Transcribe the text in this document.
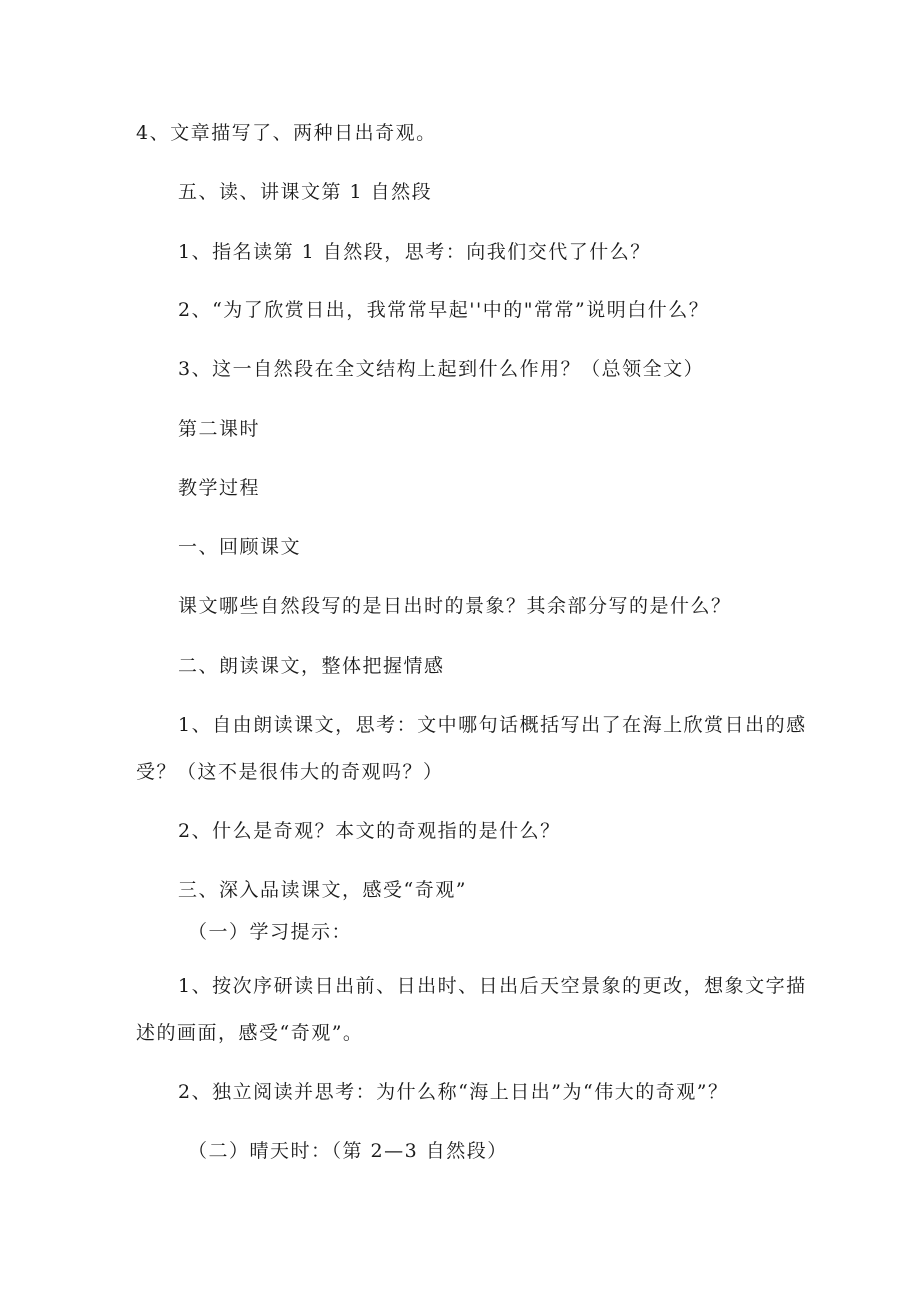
4、文章描写了、两种日出奇观。
五、读、讲课文第 1 自然段
1、指名读第 1 自然段，思考：向我们交代了什么？
2、“为了欣赏日出，我常常早起''中的"常常”说明白什么？
3、这一自然段在全文结构上起到什么作用？（总领全文）
第二课时
教学过程
一、回顾课文
课文哪些自然段写的是日出时的景象？其余部分写的是什么？
二、朗读课文，整体把握情感
1、自由朗读课文，思考：文中哪句话概括写出了在海上欣赏日出的感
受？（这不是很伟大的奇观吗？）
2、什么是奇观？本文的奇观指的是什么？
三、深入品读课文，感受“奇观”
（一）学习提示：
1、按次序研读日出前、日出时、日出后天空景象的更改，想象文字描
述的画面，感受“奇观”。
2、独立阅读并思考：为什么称“海上日出”为“伟大的奇观”？
（二）晴天时：（第 2—3 自然段）
